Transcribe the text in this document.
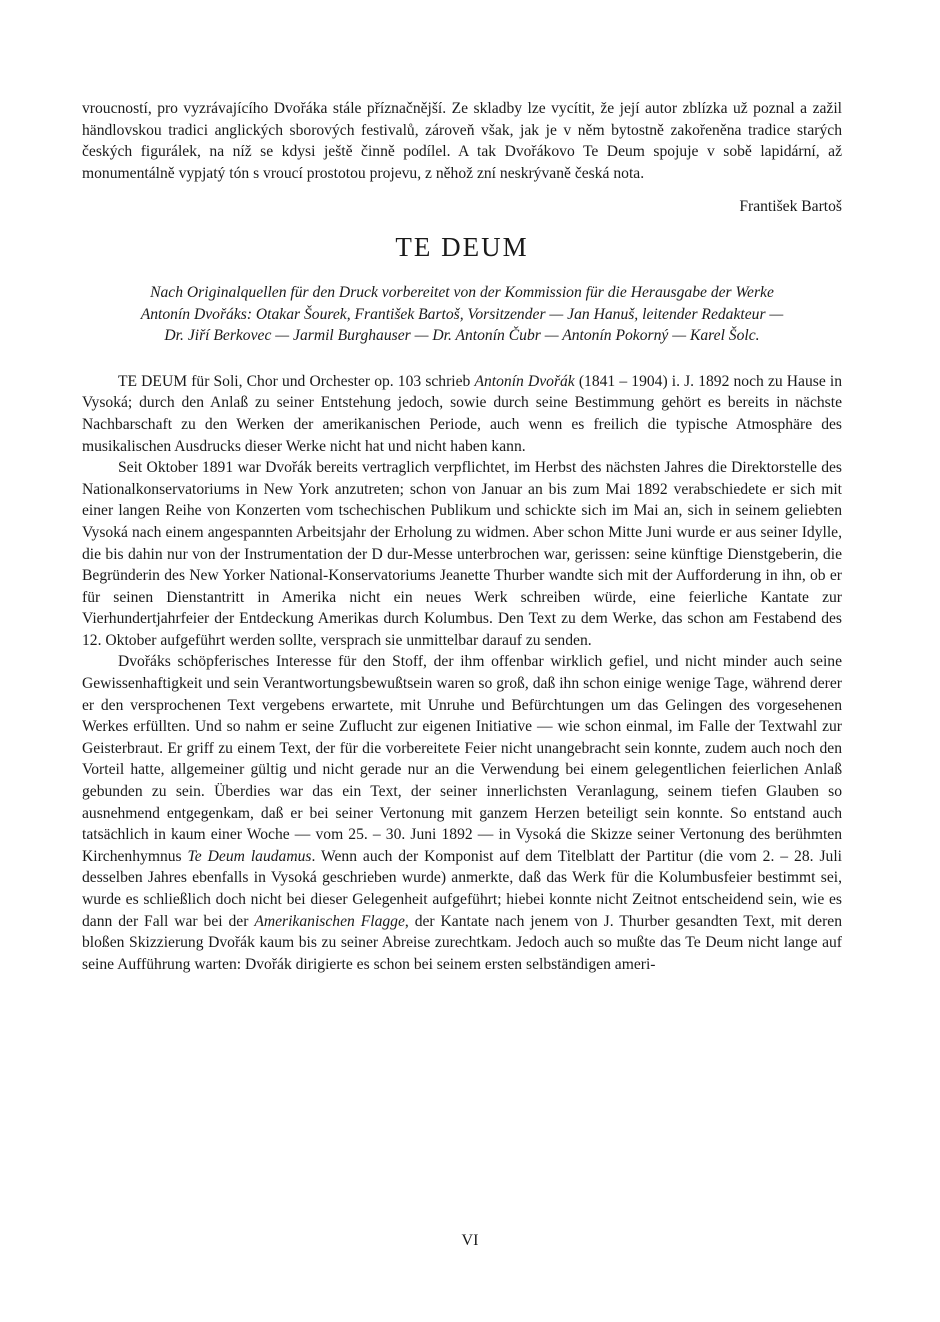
vroucností, pro vyzrávajícího Dvořáka stále příznačnější. Ze skladby lze vycítit, že její autor zblízka už poznal a zažil händlovskou tradici anglických sborových festivalů, zároveň však, jak je v něm bytostně zakořeněna tradice starých českých figurálek, na níž se kdysi ještě činně podílel. A tak Dvořákovo Te Deum spojuje v sobě lapidární, až monumentálně vypjatý tón s vroucí prostotou projevu, z něhož zní neskrývaně česká nota.

František Bartoš
TE DEUM
Nach Originalquellen für den Druck vorbereitet von der Kommission für die Herausgabe der Werke
Antonín Dvořáks: Otakar Šourek, František Bartoš, Vorsitzender — Jan Hanuš, leitender Redakteur —
Dr. Jiří Berkovec — Jarmil Burghauser — Dr. Antonín Čubr — Antonín Pokorný — Karel Šolc.

TE DEUM für Soli, Chor und Orchester op. 103 schrieb Antonín Dvořák (1841 – 1904) i. J. 1892 noch zu Hause in Vysoká; durch den Anlaß zu seiner Entstehung jedoch, sowie durch seine Bestimmung gehört es bereits in nächste Nachbarschaft zu den Werken der amerikanischen Periode, auch wenn es freilich die typische Atmosphäre des musikalischen Ausdrucks dieser Werke nicht hat und nicht haben kann.

Seit Oktober 1891 war Dvořák bereits vertraglich verpflichtet, im Herbst des nächsten Jahres die Direktorstelle des Nationalkonservatoriums in New York anzutreten; schon von Januar an bis zum Mai 1892 verabschiedete er sich mit einer langen Reihe von Konzerten vom tschechischen Publikum und schickte sich im Mai an, sich in seinem geliebten Vysoká nach einem angespannten Arbeitsjahr der Erholung zu widmen. Aber schon Mitte Juni wurde er aus seiner Idylle, die bis dahin nur von der Instrumentation der D dur-Messe unterbrochen war, gerissen: seine künftige Dienstgeberin, die Begründerin des New Yorker National-Konservatoriums Jeanette Thurber wandte sich mit der Aufforderung in ihn, ob er für seinen Dienstantritt in Amerika nicht ein neues Werk schreiben würde, eine feierliche Kantate zur Vierhundertjahrfeier der Entdeckung Amerikas durch Kolumbus. Den Text zu dem Werke, das schon am Festabend des 12. Oktober aufgeführt werden sollte, versprach sie unmittelbar darauf zu senden.

Dvořáks schöpferisches Interesse für den Stoff, der ihm offenbar wirklich gefiel, und nicht minder auch seine Gewissenhaftigkeit und sein Verantwortungsbewußtsein waren so groß, daß ihn schon einige wenige Tage, während derer er den versprochenen Text vergebens erwartete, mit Unruhe und Befürchtungen um das Gelingen des vorgesehenen Werkes erfüllten. Und so nahm er seine Zuflucht zur eigenen Initiative — wie schon einmal, im Falle der Textwahl zur Geisterbraut. Er griff zu einem Text, der für die vorbereitete Feier nicht unangebracht sein konnte, zudem auch noch den Vorteil hatte, allgemeiner gültig und nicht gerade nur an die Verwendung bei einem gelegentlichen feierlichen Anlaß gebunden zu sein. Überdies war das ein Text, der seiner innerlichsten Veranlagung, seinem tiefen Glauben so ausnehmend entgegenkam, daß er bei seiner Vertonung mit ganzem Herzen beteiligt sein konnte. So entstand auch tatsächlich in kaum einer Woche — vom 25. – 30. Juni 1892 — in Vysoká die Skizze seiner Vertonung des berühmten Kirchenhymnus Te Deum laudamus. Wenn auch der Komponist auf dem Titelblatt der Partitur (die vom 2. – 28. Juli desselben Jahres ebenfalls in Vysoká geschrieben wurde) anmerkte, daß das Werk für die Kolumbusfeier bestimmt sei, wurde es schließlich doch nicht bei dieser Gelegenheit aufgeführt; hiebei konnte nicht Zeitnot entscheidend sein, wie es dann der Fall war bei der Amerikanischen Flagge, der Kantate nach jenem von J. Thurber gesandten Text, mit deren bloßen Skizzierung Dvořák kaum bis zu seiner Abreise zurechtkam. Jedoch auch so mußte das Te Deum nicht lange auf seine Aufführung warten: Dvořák dirigierte es schon bei seinem ersten selbständigen ameri-

VI
